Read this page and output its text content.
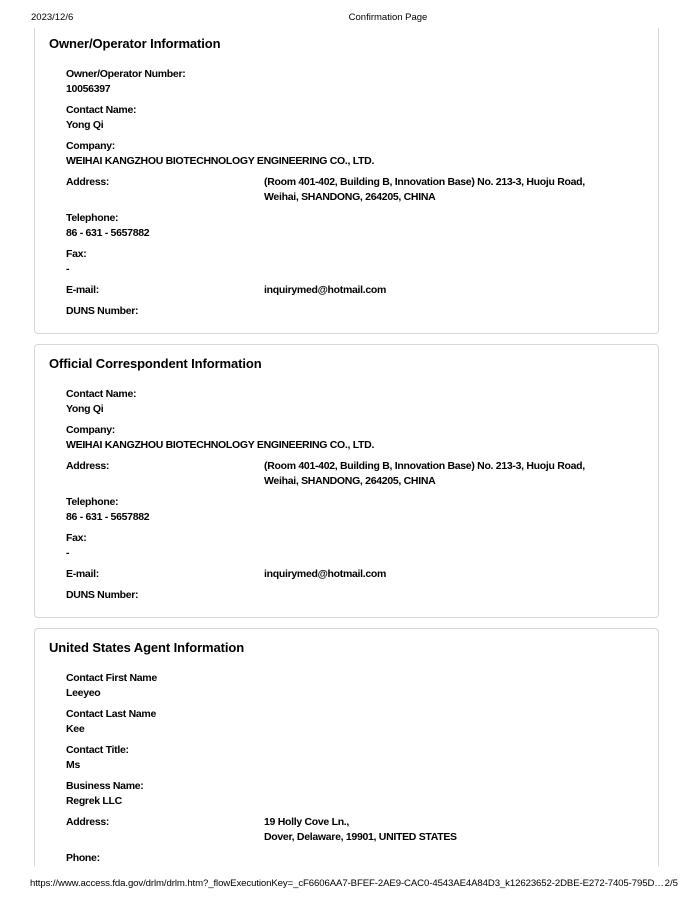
2023/12/6	Confirmation Page
Owner/Operator Information
Owner/Operator Number:
10056397
Contact Name:
Yong Qi
Company:
WEIHAI KANGZHOU BIOTECHNOLOGY ENGINEERING CO., LTD.
Address:	(Room 401-402, Building B, Innovation Base) No. 213-3, Huoju Road,
Weihai, SHANDONG, 264205, CHINA
Telephone:
86 - 631 - 5657882
Fax:
-
E-mail:	inquirymed@hotmail.com
DUNS Number:
Official Correspondent Information
Contact Name:
Yong Qi
Company:
WEIHAI KANGZHOU BIOTECHNOLOGY ENGINEERING CO., LTD.
Address:	(Room 401-402, Building B, Innovation Base) No. 213-3, Huoju Road,
Weihai, SHANDONG, 264205, CHINA
Telephone:
86 - 631 - 5657882
Fax:
-
E-mail:	inquirymed@hotmail.com
DUNS Number:
United States Agent Information
Contact First Name
Leeyeo
Contact Last Name
Kee
Contact Title:
Ms
Business Name:
Regrek LLC
Address:	19 Holly Cove Ln.,
Dover, Delaware, 19901, UNITED STATES
Phone:
https://www.access.fda.gov/drlm/drlm.htm?_flowExecutionKey=_cF6606AA7-BFEF-2AE9-CAC0-4543AE4A84D3_k12623652-2DBE-E272-7405-795D… 2/5
